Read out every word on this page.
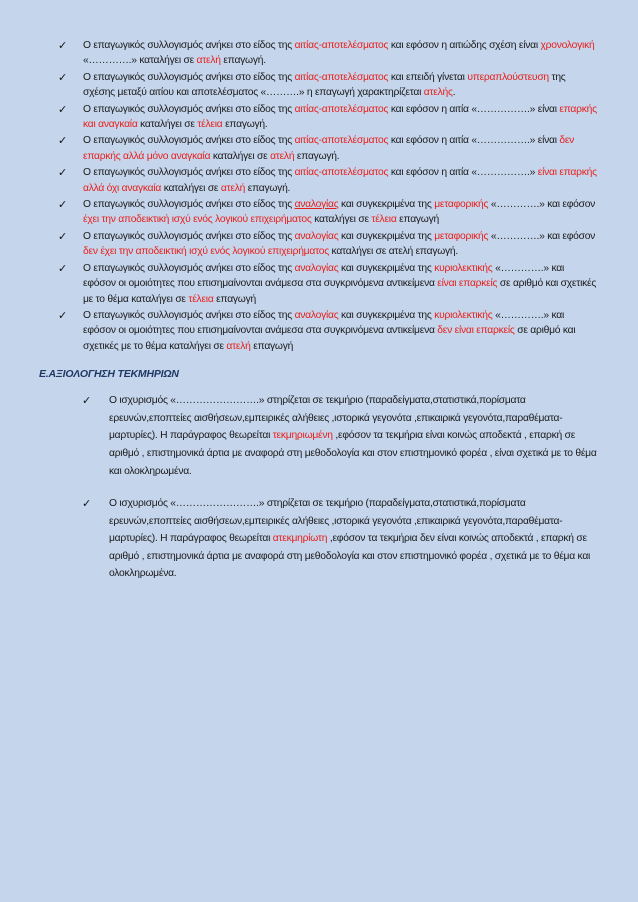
✓ Ο επαγωγικός συλλογισμός ανήκει στο είδος της αιτίας-αποτελέσματος και εφόσον η αιτιώδης σχέση είναι χρονολογική «………….» καταλήγει σε ατελή επαγωγή.
✓ Ο επαγωγικός συλλογισμός ανήκει στο είδος της αιτίας-αποτελέσματος και επειδή γίνεται υπεραπλούστευση της σχέσης μεταξύ αιτίου και αποτελέσματος «……….» η επαγωγή χαρακτηρίζεται ατελής.
✓ Ο επαγωγικός συλλογισμός ανήκει στο είδος της αιτίας-αποτελέσματος και εφόσον η αιτία «…………….» είναι επαρκής και αναγκαία καταλήγει σε τέλεια επαγωγή.
✓ Ο επαγωγικός συλλογισμός ανήκει στο είδος της αιτίας-αποτελέσματος και εφόσον η αιτία «…………….» είναι δεν επαρκής αλλά μόνο αναγκαία καταλήγει σε ατελή επαγωγή.
✓ Ο επαγωγικός συλλογισμός ανήκει στο είδος της αιτίας-αποτελέσματος και εφόσον η αιτία «…………….» είναι επαρκής αλλά όχι αναγκαία καταλήγει σε ατελή επαγωγή.
✓ Ο επαγωγικός συλλογισμός ανήκει στο είδος της αναλογίας και συγκεκριμένα της μεταφορικής «………….» και εφόσον έχει την αποδεικτική ισχύ ενός λογικού επιχειρήματος καταλήγει σε τέλεια επαγωγή
✓ Ο επαγωγικός συλλογισμός ανήκει στο είδος της αναλογίας και συγκεκριμένα της μεταφορικής «………….» και εφόσον δεν έχει την αποδεικτική ισχύ ενός λογικού επιχειρήματος καταλήγει σε ατελή επαγωγή.
✓ Ο επαγωγικός συλλογισμός ανήκει στο είδος της αναλογίας και συγκεκριμένα της κυριολεκτικής «………….» και εφόσον οι ομοιότητες που επισημαίνονται ανάμεσα στα συγκρινόμενα αντικείμενα είναι επαρκείς σε αριθμό και σχετικές με το θέμα καταλήγει σε τέλεια επαγωγή
✓ Ο επαγωγικός συλλογισμός ανήκει στο είδος της αναλογίας και συγκεκριμένα της κυριολεκτικής «………….» και εφόσον οι ομοιότητες που επισημαίνονται ανάμεσα στα συγκρινόμενα αντικείμενα δεν είναι επαρκείς σε αριθμό και σχετικές με το θέμα καταλήγει σε ατελή επαγωγή
Ε.ΑΞΙΟΛΟΓΗΣΗ ΤΕΚΜΗΡΙΩΝ
✓ Ο ισχυρισμός «…………………….» στηρίζεται σε τεκμήριο (παραδείγματα,στατιστικά,πορίσματα ερευνών,εποπτείες αισθήσεων,εμπειρικές αλήθειες ,ιστορικά γεγονότα ,επικαιρικά γεγονότα,παραθέματα-μαρτυρίες). Η παράγραφος θεωρείται τεκμηριωμένη ,εφόσον τα τεκμήρια είναι κοινώς αποδεκτά , επαρκή σε αριθμό , επιστημονικά άρτια με αναφορά στη μεθοδολογία και στον επιστημονικό φορέα , είναι σχετικά με το θέμα και ολοκληρωμένα.
✓ Ο ισχυρισμός «…………………….» στηρίζεται σε τεκμήριο (παραδείγματα,στατιστικά,πορίσματα ερευνών,εποπτείες αισθήσεων,εμπειρικές αλήθειες ,ιστορικά γεγονότα ,επικαιρικά γεγονότα,παραθέματα-μαρτυρίες). Η παράγραφος θεωρείται ατεκμηρίωτη ,εφόσον τα τεκμήρια δεν είναι κοινώς αποδεκτά , επαρκή σε αριθμό , επιστημονικά άρτια με αναφορά στη μεθοδολογία και στον επιστημονικό φορέα , σχετικά με το θέμα και ολοκληρωμένα.
